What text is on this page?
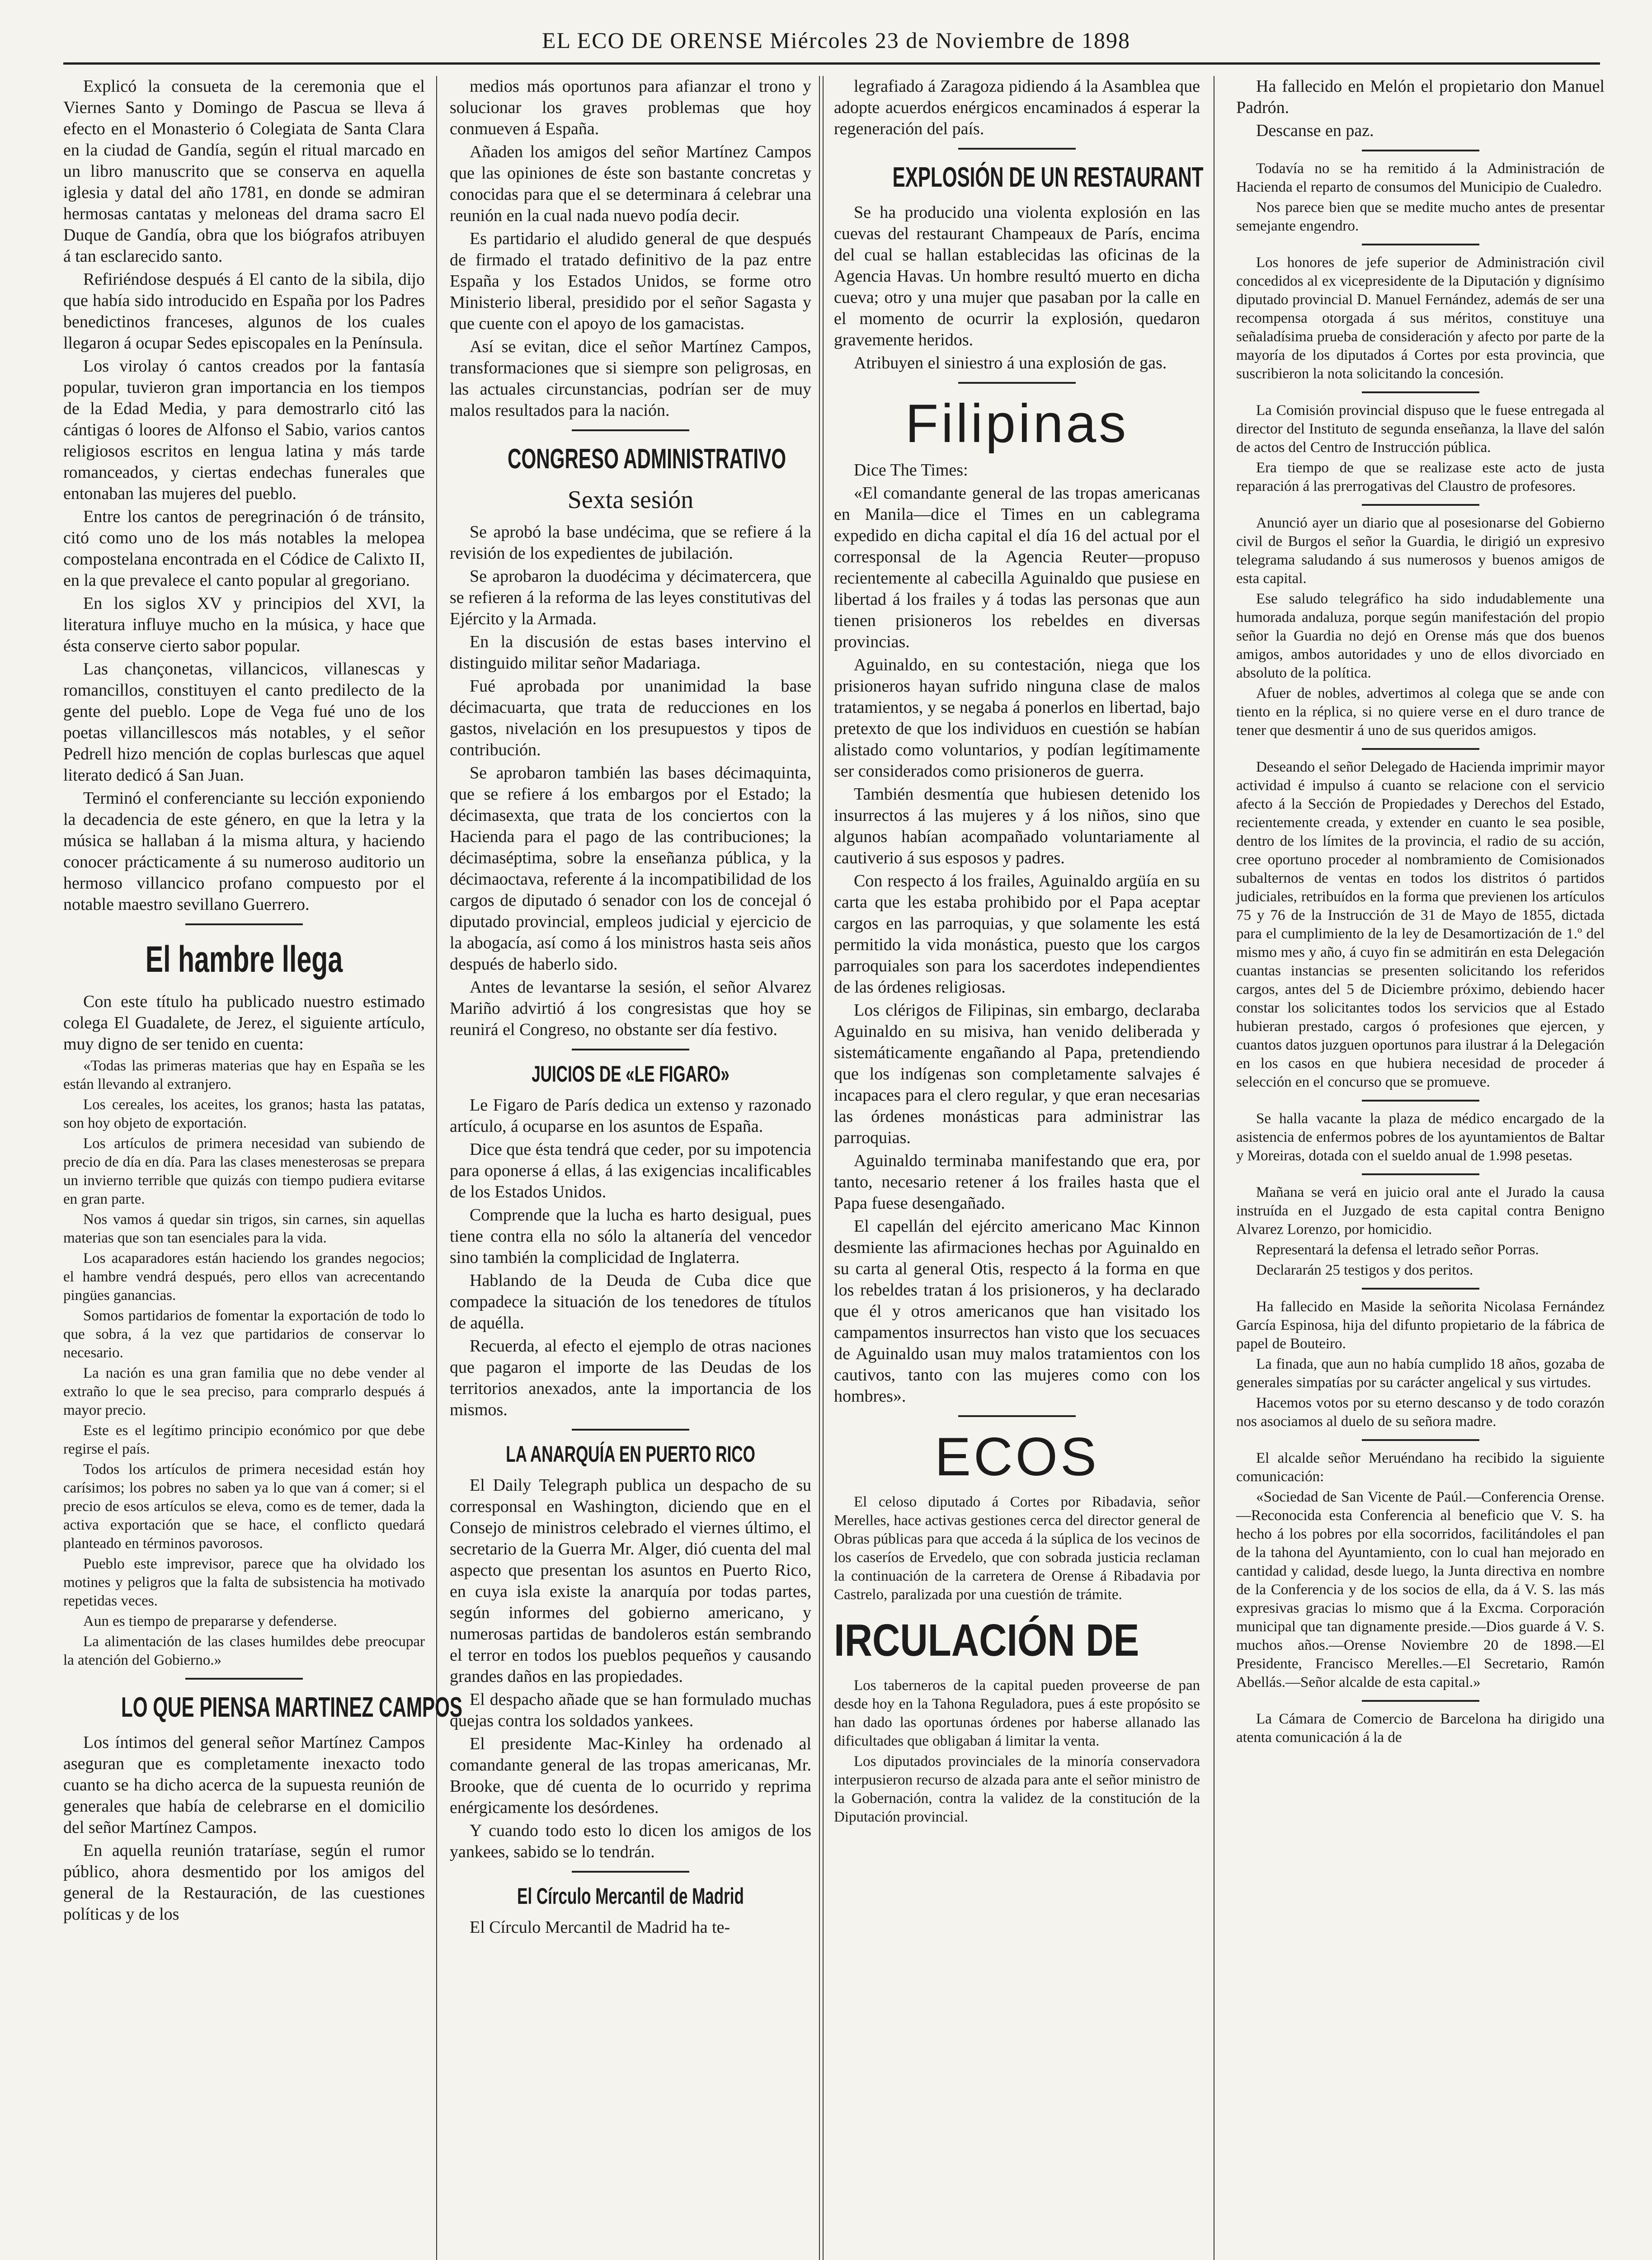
EL ECO DE ORENSE Miércoles 23 de Noviembre de 1898

Explicó la consueta de la ceremonia que el Viernes Santo y Domingo de Pascua se lleva á efecto en el Monasterio ó Colegiata de Santa Clara en la ciudad de Gandía, según el ritual marcado en un libro manuscrito que se conserva en aquella iglesia y datal del año 1781, en donde se admiran hermosas cantatas y meloneas del drama sacro El Duque de Gandía, obra que los biógrafos atribuyen á tan esclarecido santo.

Refiriéndose después á El canto de la sibila, dijo que había sido introducido en España por los Padres benedictinos franceses, algunos de los cuales llegaron á ocupar Sedes episcopales en la Península.

Los virolay ó cantos creados por la fantasía popular, tuvieron gran importancia en los tiempos de la Edad Media, y para demostrarlo citó las cántigas ó loores de Alfonso el Sabio, varios cantos religiosos escritos en lengua latina y más tarde romanceados, y ciertas endechas funerales que entonaban las mujeres del pueblo.

Entre los cantos de peregrinación ó de tránsito, citó como uno de los más notables la melopea compostelana encontrada en el Códice de Calixto II, en la que prevalece el canto popular al gregoriano.

En los siglos XV y principios del XVI, la literatura influye mucho en la música, y hace que ésta conserve cierto sabor popular.

Las chançonetas, villancicos, villanescas y romancillos, constituyen el canto predilecto de la gente del pueblo. Lope de Vega fué uno de los poetas villancillescos más notables, y el señor Pedrell hizo mención de coplas burlescas que aquel literato dedicó á San Juan.

Terminó el conferenciante su lección exponiendo la decadencia de este género, en que la letra y la música se hallaban á la misma altura, y haciendo conocer prácticamente á su numeroso auditorio un hermoso villancico profano compuesto por el notable maestro sevillano Guerrero.

El hambre llega

Con este título ha publicado nuestro estimado colega El Guadalete, de Jerez, el siguiente artículo, muy digno de ser tenido en cuenta:

«Todas las primeras materias que hay en España se les están llevando al extranjero.

Los cereales, los aceites, los granos; hasta las patatas, son hoy objeto de exportación.

Los artículos de primera necesidad van subiendo de precio de día en día. Para las clases menesterosas se prepara un invierno terrible que quizás con tiempo pudiera evitarse en gran parte.

Nos vamos á quedar sin trigos, sin carnes, sin aquellas materias que son tan esenciales para la vida.

Los acaparadores están haciendo los grandes negocios; el hambre vendrá después, pero ellos van acrecentando pingües ganancias.

Somos partidarios de fomentar la exportación de todo lo que sobra, á la vez que partidarios de conservar lo necesario.

La nación es una gran familia que no debe vender al extraño lo que le sea preciso, para comprarlo después á mayor precio.

Este es el legítimo principio económico por que debe regirse el país.

Todos los artículos de primera necesidad están hoy carísimos; los pobres no saben ya lo que van á comer; si el precio de esos artículos se eleva, como es de temer, dada la activa exportación que se hace, el conflicto quedará planteado en términos pavorosos.

Pueblo este imprevisor, parece que ha olvidado los motines y peligros que la falta de subsistencia ha motivado repetidas veces.

Aun es tiempo de prepararse y defenderse.

La alimentación de las clases humildes debe preocupar la atención del Gobierno.»

LO QUE PIENSA MARTINEZ CAMPOS

Los íntimos del general señor Martínez Campos aseguran que es completamente inexacto todo cuanto se ha dicho acerca de la supuesta reunión de generales que había de celebrarse en el domicilio del señor Martínez Campos.

En aquella reunión trataríase, según el rumor público, ahora desmentido por los amigos del general de la Restauración, de las cuestiones políticas y de los

medios más oportunos para afianzar el trono y solucionar los graves problemas que hoy conmueven á España.

Añaden los amigos del señor Martínez Campos que las opiniones de éste son bastante concretas y conocidas para que el se determinara á celebrar una reunión en la cual nada nuevo podía decir.

Es partidario el aludido general de que después de firmado el tratado definitivo de la paz entre España y los Estados Unidos, se forme otro Ministerio liberal, presidido por el señor Sagasta y que cuente con el apoyo de los gamacistas.

Así se evitan, dice el señor Martínez Campos, transformaciones que si siempre son peligrosas, en las actuales circunstancias, podrían ser de muy malos resultados para la nación.

CONGRESO ADMINISTRATIVO
Sexta sesión

Se aprobó la base undécima, que se refiere á la revisión de los expedientes de jubilación.

Se aprobaron la duodécima y décimatercera, que se refieren á la reforma de las leyes constitutivas del Ejército y la Armada.

En la discusión de estas bases intervino el distinguido militar señor Madariaga.

Fué aprobada por unanimidad la base décimacuarta, que trata de reducciones en los gastos, nivelación en los presupuestos y tipos de contribución.

Se aprobaron también las bases décimaquinta, que se refiere á los embargos por el Estado; la décimasexta, que trata de los conciertos con la Hacienda para el pago de las contribuciones; la décimaséptima, sobre la enseñanza pública, y la décimaoctava, referente á la incompatibilidad de los cargos de diputado ó senador con los de concejal ó diputado provincial, empleos judicial y ejercicio de la abogacía, así como á los ministros hasta seis años después de haberlo sido.

Antes de levantarse la sesión, el señor Alvarez Mariño advirtió á los congresistas que hoy se reunirá el Congreso, no obstante ser día festivo.

JUICIOS DE «LE FIGARO»

Le Figaro de París dedica un extenso y razonado artículo, á ocuparse en los asuntos de España.

Dice que ésta tendrá que ceder, por su impotencia para oponerse á ellas, á las exigencias incalificables de los Estados Unidos.

Comprende que la lucha es harto desigual, pues tiene contra ella no sólo la altanería del vencedor sino también la complicidad de Inglaterra.

Hablando de la Deuda de Cuba dice que compadece la situación de los tenedores de títulos de aquélla.

Recuerda, al efecto el ejemplo de otras naciones que pagaron el importe de las Deudas de los territorios anexados, ante la importancia de los mismos.

LA ANARQUÍA EN PUERTO RICO

El Daily Telegraph publica un despacho de su corresponsal en Washington, diciendo que en el Consejo de ministros celebrado el viernes último, el secretario de la Guerra Mr. Alger, dió cuenta del mal aspecto que presentan los asuntos en Puerto Rico, en cuya isla existe la anarquía por todas partes, según informes del gobierno americano, y numerosas partidas de bandoleros están sembrando el terror en todos los pueblos pequeños y causando grandes daños en las propiedades.

El despacho añade que se han formulado muchas quejas contra los soldados yankees.

El presidente Mac-Kinley ha ordenado al comandante general de las tropas americanas, Mr. Brooke, que dé cuenta de lo ocurrido y reprima enérgicamente los desórdenes.

Y cuando todo esto lo dicen los amigos de los yankees, sabido se lo tendrán.

El Círculo Mercantil de Madrid

El Círculo Mercantil de Madrid ha te-

legrafiado á Zaragoza pidiendo á la Asamblea que adopte acuerdos enérgicos encaminados á esperar la regeneración del país.

EXPLOSIÓN DE UN RESTAURANT

Se ha producido una violenta explosión en las cuevas del restaurant Champeaux de París, encima del cual se hallan establecidas las oficinas de la Agencia Havas. Un hombre resultó muerto en dicha cueva; otro y una mujer que pasaban por la calle en el momento de ocurrir la explosión, quedaron gravemente heridos.

Atribuyen el siniestro á una explosión de gas.

Filipinas

Dice The Times:

«El comandante general de las tropas americanas en Manila—dice el Times en un cablegrama expedido en dicha capital el día 16 del actual por el corresponsal de la Agencia Reuter—propuso recientemente al cabecilla Aguinaldo que pusiese en libertad á los frailes y á todas las personas que aun tienen prisioneros los rebeldes en diversas provincias.

Aguinaldo, en su contestación, niega que los prisioneros hayan sufrido ninguna clase de malos tratamientos, y se negaba á ponerlos en libertad, bajo pretexto de que los individuos en cuestión se habían alistado como voluntarios, y podían legítimamente ser considerados como prisioneros de guerra.

También desmentía que hubiesen detenido los insurrectos á las mujeres y á los niños, sino que algunos habían acompañado voluntariamente al cautiverio á sus esposos y padres.

Con respecto á los frailes, Aguinaldo argüía en su carta que les estaba prohibido por el Papa aceptar cargos en las parroquias, y que solamente les está permitido la vida monástica, puesto que los cargos parroquiales son para los sacerdotes independientes de las órdenes religiosas.

Los clérigos de Filipinas, sin embargo, declaraba Aguinaldo en su misiva, han venido deliberada y sistemáticamente engañando al Papa, pretendiendo que los indígenas son completamente salvajes é incapaces para el clero regular, y que eran necesarias las órdenes monásticas para administrar las parroquias.

Aguinaldo terminaba manifestando que era, por tanto, necesario retener á los frailes hasta que el Papa fuese desengañado.

El capellán del ejército americano Mac Kinnon desmiente las afirmaciones hechas por Aguinaldo en su carta al general Otis, respecto á la forma en que los rebeldes tratan á los prisioneros, y ha declarado que él y otros americanos que han visitado los campamentos insurrectos han visto que los secuaces de Aguinaldo usan muy malos tratamientos con los cautivos, tanto con las mujeres como con los hombres».

ECOS

El celoso diputado á Cortes por Ribadavia, señor Merelles, hace activas gestiones cerca del director general de Obras públicas para que acceda á la súplica de los vecinos de los caseríos de Ervedelo, que con sobrada justicia reclaman la continuación de la carretera de Orense á Ribadavia por Castrelo, paralizada por una cuestión de trámite.

IRCULACIÓN DE

Los taberneros de la capital pueden proveerse de pan desde hoy en la Tahona Reguladora, pues á este propósito se han dado las oportunas órdenes por haberse allanado las dificultades que obligaban á limitar la venta.

Los diputados provinciales de la minoría conservadora interpusieron recurso de alzada para ante el señor ministro de la Gobernación, contra la validez de la constitución de la Diputación provincial.

Ha fallecido en Melón el propietario don Manuel Padrón.

Descanse en paz.

Todavía no se ha remitido á la Administración de Hacienda el reparto de consumos del Municipio de Cualedro.

Nos parece bien que se medite mucho antes de presentar semejante engendro.

Los honores de jefe superior de Administración civil concedidos al ex vicepresidente de la Diputación y dignísimo diputado provincial D. Manuel Fernández, además de ser una recompensa otorgada á sus méritos, constituye una señaladísima prueba de consideración y afecto por parte de la mayoría de los diputados á Cortes por esta provincia, que suscribieron la nota solicitando la concesión.

La Comisión provincial dispuso que le fuese entregada al director del Instituto de segunda enseñanza, la llave del salón de actos del Centro de Instrucción pública.

Era tiempo de que se realizase este acto de justa reparación á las prerrogativas del Claustro de profesores.

Anunció ayer un diario que al posesionarse del Gobierno civil de Burgos el señor la Guardia, le dirigió un expresivo telegrama saludando á sus numerosos y buenos amigos de esta capital.

Ese saludo telegráfico ha sido indudablemente una humorada andaluza, porque según manifestación del propio señor la Guardia no dejó en Orense más que dos buenos amigos, ambos autoridades y uno de ellos divorciado en absoluto de la política.

Afuer de nobles, advertimos al colega que se ande con tiento en la réplica, si no quiere verse en el duro trance de tener que desmentir á uno de sus queridos amigos.

Deseando el señor Delegado de Hacienda imprimir mayor actividad é impulso á cuanto se relacione con el servicio afecto á la Sección de Propiedades y Derechos del Estado, recientemente creada, y extender en cuanto le sea posible, dentro de los límites de la provincia, el radio de su acción, cree oportuno proceder al nombramiento de Comisionados subalternos de ventas en todos los distritos ó partidos judiciales, retribuídos en la forma que previenen los artículos 75 y 76 de la Instrucción de 31 de Mayo de 1855, dictada para el cumplimiento de la ley de Desamortización de 1.º del mismo mes y año, á cuyo fin se admitirán en esta Delegación cuantas instancias se presenten solicitando los referidos cargos, antes del 5 de Diciembre próximo, debiendo hacer constar los solicitantes todos los servicios que al Estado hubieran prestado, cargos ó profesiones que ejercen, y cuantos datos juzguen oportunos para ilustrar á la Delegación en los casos en que hubiera necesidad de proceder á selección en el concurso que se promueve.

Se halla vacante la plaza de médico encargado de la asistencia de enfermos pobres de los ayuntamientos de Baltar y Moreiras, dotada con el sueldo anual de 1.998 pesetas.

Mañana se verá en juicio oral ante el Jurado la causa instruída en el Juzgado de esta capital contra Benigno Alvarez Lorenzo, por homicidio.

Representará la defensa el letrado señor Porras.

Declararán 25 testigos y dos peritos.

Ha fallecido en Maside la señorita Nicolasa Fernández García Espinosa, hija del difunto propietario de la fábrica de papel de Bouteiro.

La finada, que aun no había cumplido 18 años, gozaba de generales simpatías por su carácter angelical y sus virtudes.

Hacemos votos por su eterno descanso y de todo corazón nos asociamos al duelo de su señora madre.

El alcalde señor Meruéndano ha recibido la siguiente comunicación:

«Sociedad de San Vicente de Paúl.—Conferencia Orense.—Reconocida esta Conferencia al beneficio que V. S. ha hecho á los pobres por ella socorridos, facilitándoles el pan de la tahona del Ayuntamiento, con lo cual han mejorado en cantidad y calidad, desde luego, la Junta directiva en nombre de la Conferencia y de los socios de ella, da á V. S. las más expresivas gracias lo mismo que á la Excma. Corporación municipal que tan dignamente preside.—Dios guarde á V. S. muchos años.—Orense Noviembre 20 de 1898.—El Presidente, Francisco Merelles.—El Secretario, Ramón Abellás.—Señor alcalde de esta capital.»

La Cámara de Comercio de Barcelona ha dirigido una atenta comunicación á la de
